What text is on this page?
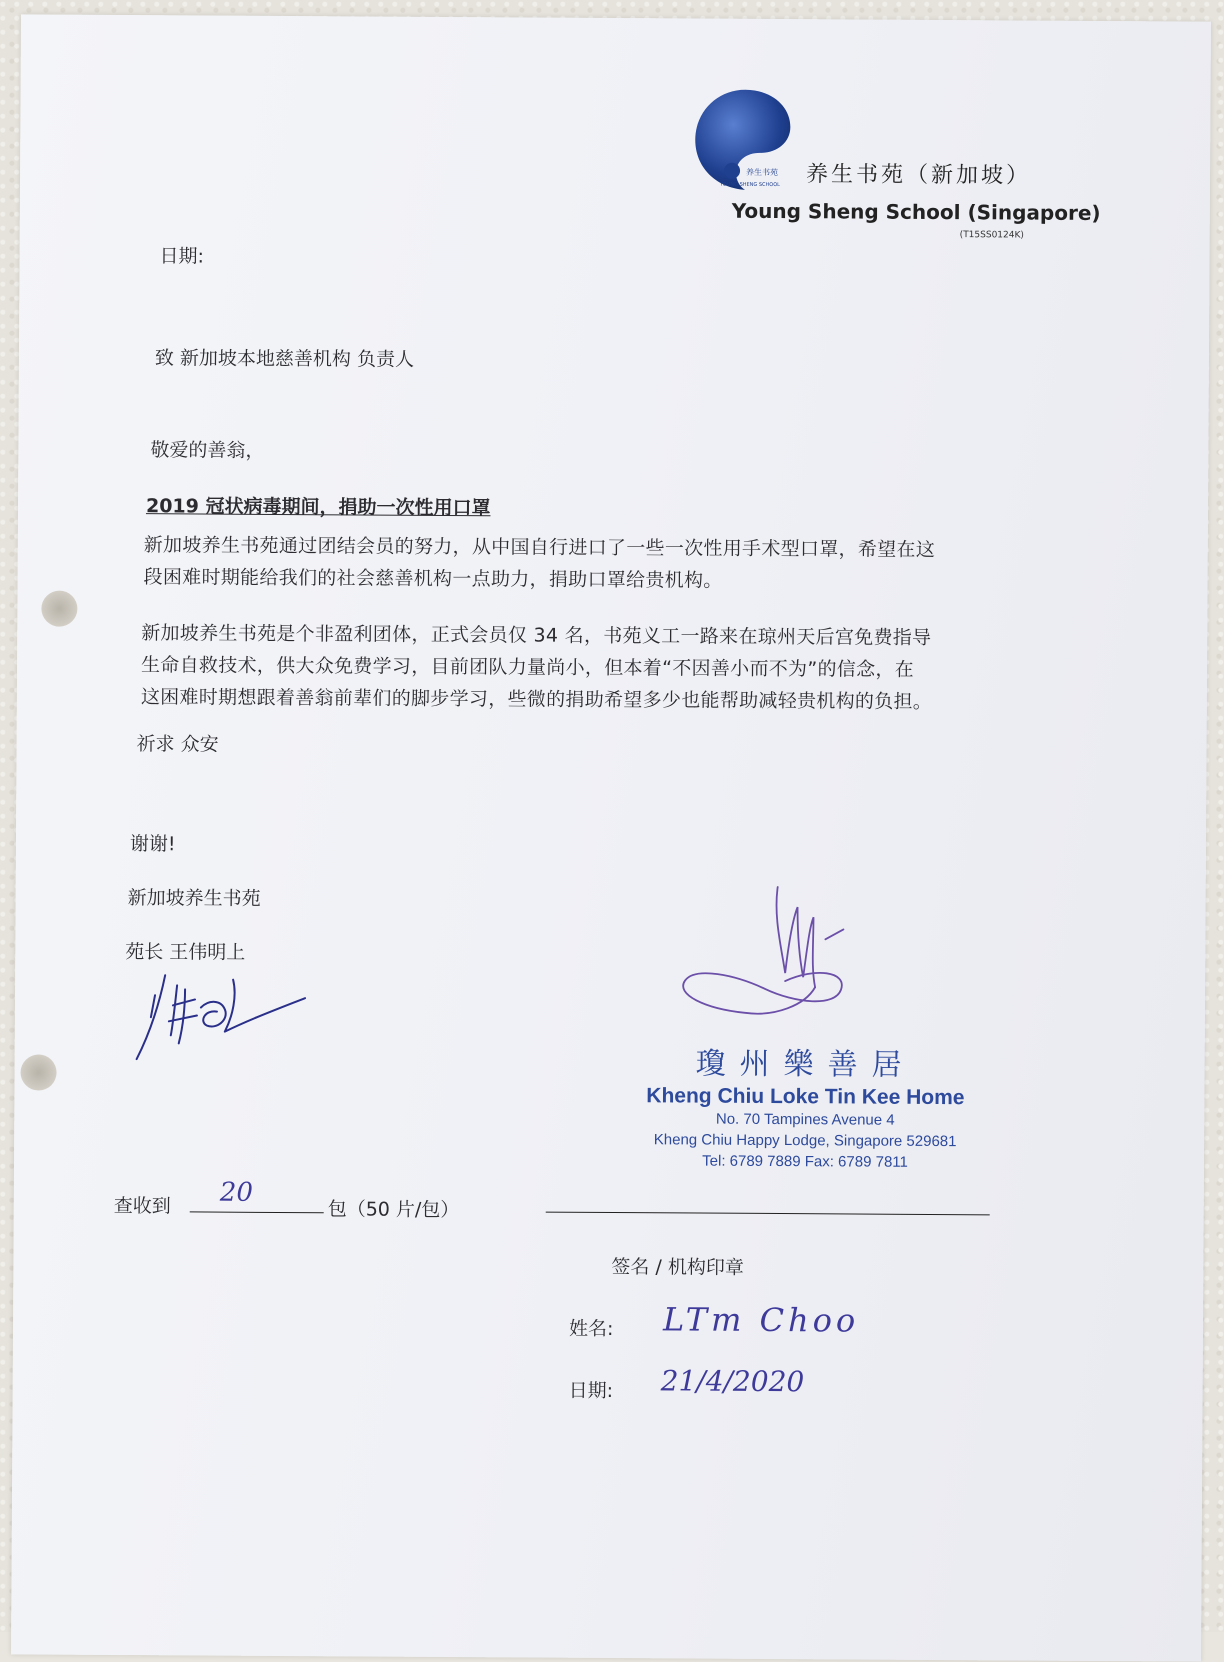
养生书苑
YOUNG SHENG SCHOOL 养生书苑（新加坡）
Young Sheng School (Singapore)
(T15SS0124K)
日期:
致 新加坡本地慈善机构 负责人
敬爱的善翁，
2019 冠状病毒期间，捐助一次性用口罩
新加坡养生书苑通过团结会员的努力，从中国自行进口了一些一次性用手术型口罩，希望在这
段困难时期能给我们的社会慈善机构一点助力，捐助口罩给贵机构。
新加坡养生书苑是个非盈利团体，正式会员仅 34 名，书苑义工一路来在琼州天后宫免费指导
生命自救技术，供大众免费学习，目前团队力量尚小，但本着“不因善小而不为”的信念，在
这困难时期想跟着善翁前辈们的脚步学习，些微的捐助希望多少也能帮助减轻贵机构的负担。
祈求 众安
谢谢!
新加坡养生书苑
苑长 王伟明上
瓊州樂善居
Kheng Chiu Loke Tin Kee Home
No. 70 Tampines Avenue 4
Kheng Chiu Happy Lodge, Singapore 529681
Tel: 6789 7889 Fax: 6789 7811
查收到 20
包（50 片/包）
签名 / 机构印章
姓名: LTm Choo
日期: 21/4/2020
